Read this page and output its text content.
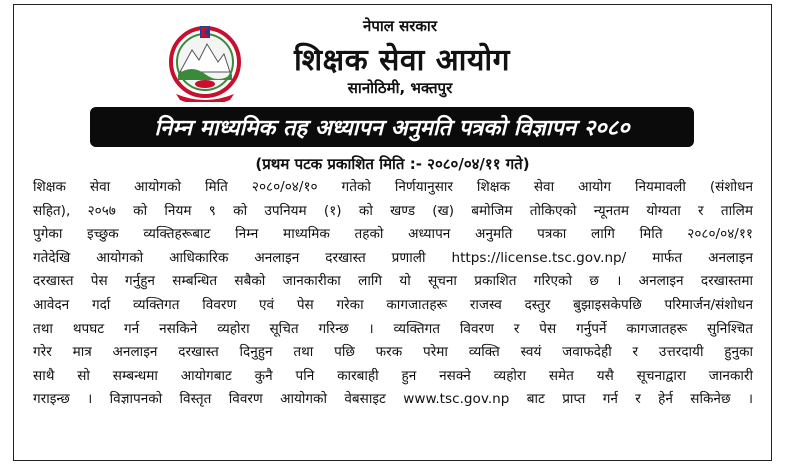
नेपाल सरकार
शिक्षक सेवा आयोग
सानोठिमी, भक्तपुर
निम्न माध्यमिक तह अध्यापन अनुमति पत्रको विज्ञापन २०८०
(प्रथम पटक प्रकाशित मिति :- २०८०/०४/११ गते)
शिक्षक सेवा आयोगको मिति २०८०/०४/१० गतेको निर्णयानुसार शिक्षक सेवा आयोग नियमावली (संशोधन
सहित), २०५७ को नियम ९ को उपनियम (१) को खण्ड (ख) बमोजिम तोकिएको न्यूनतम योग्यता र तालिम
पुगेका इच्छुक व्यक्तिहरूबाट निम्न माध्यमिक तहको अध्यापन अनुमति पत्रका लागि मिति २०८०/०४/११
गतेदेखि आयोगको आधिकारिक अनलाइन दरखास्त प्रणाली https://license.tsc.gov.np/ मार्फत अनलाइन
दरखास्त पेस गर्नुहुन सम्बन्धित सबैको जानकारीका लागि यो सूचना प्रकाशित गरिएको छ । अनलाइन दरखास्तमा
आवेदन गर्दा व्यक्तिगत विवरण एवं पेस गरेका कागजातहरू राजस्व दस्तुर बुझाइसकेपछि परिमार्जन/संशोधन
तथा थपघट गर्न नसकिने व्यहोरा सूचित गरिन्छ । व्यक्तिगत विवरण र पेस गर्नुपर्ने कागजातहरू सुनिश्चित
गरेर मात्र अनलाइन दरखास्त दिनुहुन तथा पछि फरक परेमा व्यक्ति स्वयं जवाफदेही र उत्तरदायी हुनुका
साथै सो सम्बन्धमा आयोगबाट कुनै पनि कारबाही हुन नसक्ने व्यहोरा समेत यसै सूचनाद्वारा जानकारी
गराइन्छ । विज्ञापनको विस्तृत विवरण आयोगको वेबसाइट www.tsc.gov.np बाट प्राप्त गर्न र हेर्न सकिनेछ ।
